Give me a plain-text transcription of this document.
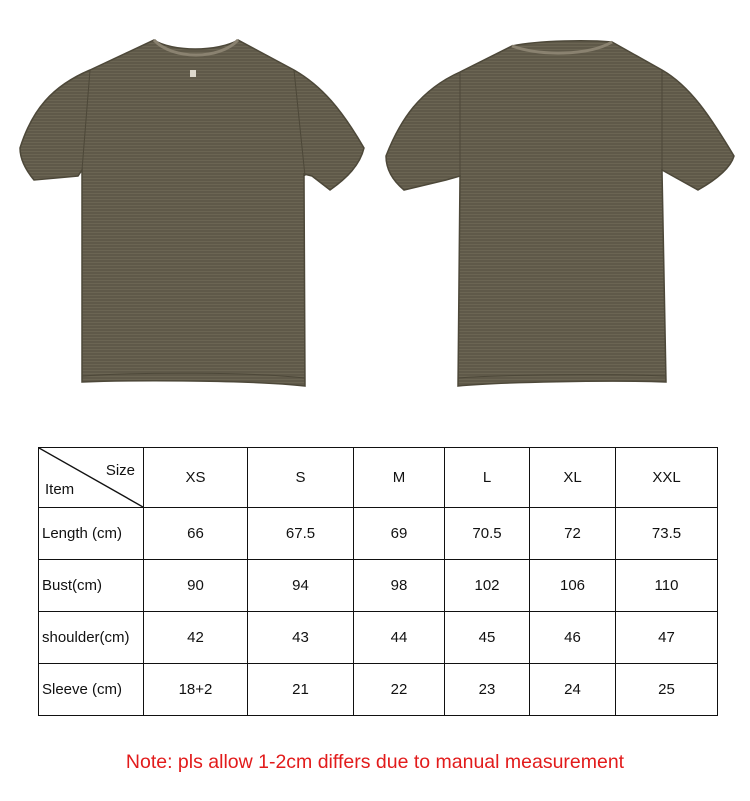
Size
Item	XS	S	M	L	XL	XXL
Length (cm)	66	67.5	69	70.5	72	73.5
Bust(cm)	90	94	98	102	106	110
shoulder(cm)	42	43	44	45	46	47
Sleeve (cm)	18+2	21	22	23	24	25
Note: pls allow 1-2cm differs due to manual measurement
